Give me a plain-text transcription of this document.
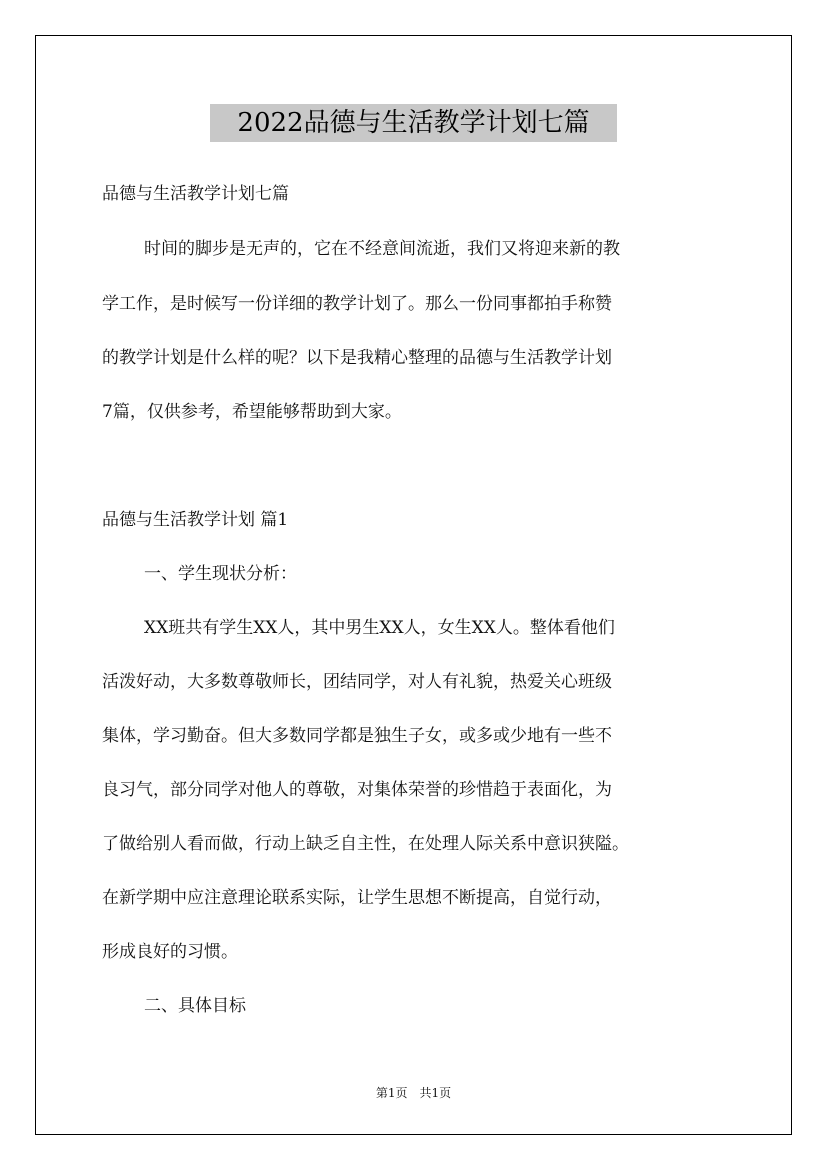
2022品德与生活教学计划七篇
品德与生活教学计划七篇
时间的脚步是无声的，它在不经意间流逝，我们又将迎来新的教
学工作，是时候写一份详细的教学计划了。那么一份同事都拍手称赞
的教学计划是什么样的呢？以下是我精心整理的品德与生活教学计划
7篇，仅供参考，希望能够帮助到大家。
品德与生活教学计划 篇1
一、学生现状分析：
XX班共有学生XX人，其中男生XX人，女生XX人。整体看他们
活泼好动，大多数尊敬师长，团结同学，对人有礼貌，热爱关心班级
集体，学习勤奋。但大多数同学都是独生子女，或多或少地有一些不
良习气，部分同学对他人的尊敬，对集体荣誉的珍惜趋于表面化，为
了做给别人看而做，行动上缺乏自主性，在处理人际关系中意识狭隘。
在新学期中应注意理论联系实际，让学生思想不断提高，自觉行动，
形成良好的习惯。
二、具体目标
第1页　共1页
